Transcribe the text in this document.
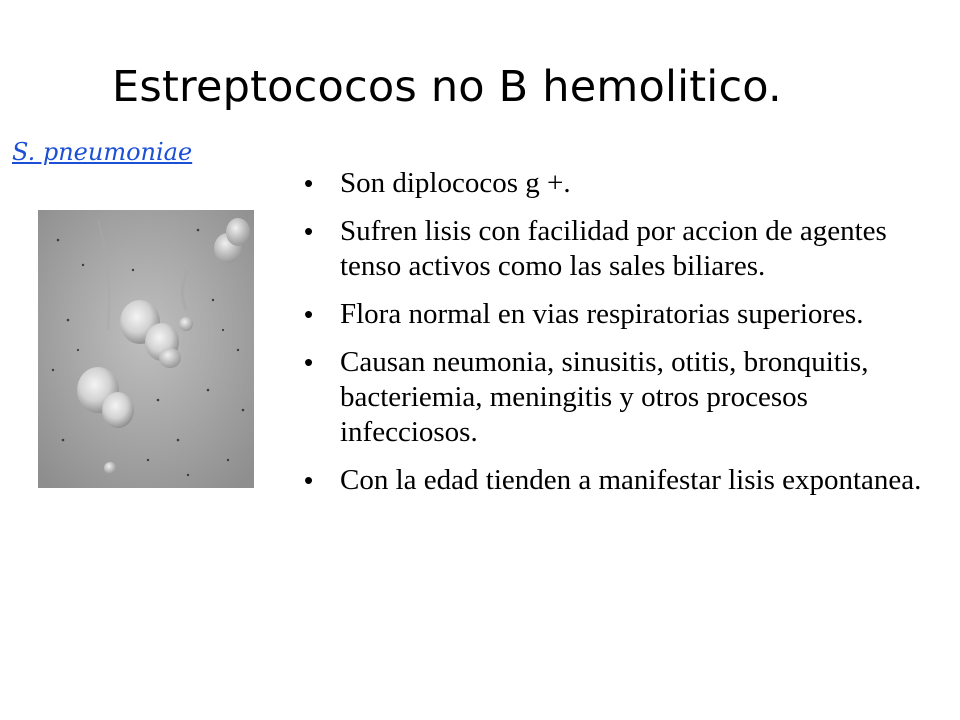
Estreptococos no B hemolitico.
S. pneumoniae
• Son diplococos g +.
• Sufren lisis con facilidad por accion de agentes tenso activos como las sales biliares.
• Flora normal en vias respiratorias superiores.
• Causan neumonia, sinusitis, otitis, bronquitis, bacteriemia, meningitis y otros procesos infecciosos.
• Con la edad tienden a manifestar lisis expontanea.
